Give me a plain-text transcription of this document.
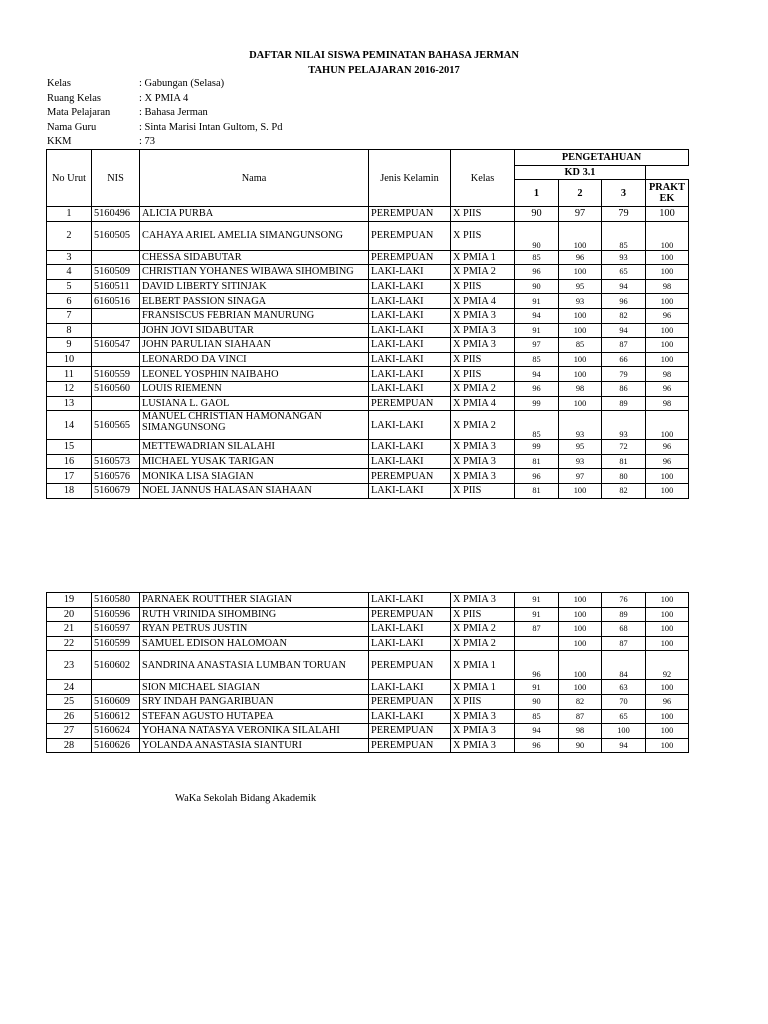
DAFTAR NILAI SISWA PEMINATAN BAHASA JERMAN
TAHUN PELAJARAN 2016-2017
Kelas	: Gabungan (Selasa)
Ruang Kelas	: X PMIA 4
Mata Pelajaran	: Bahasa Jerman
Nama Guru	: Sinta Marisi Intan Gultom, S. Pd
KKM	: 73
No Urut	NIS	Nama	Jenis Kelamin	Kelas	PENGETAHUAN			
					KD 3.1			
					1	2	3	PRAKT EK
1	5160496	ALICIA PURBA	PEREMPUAN	X PIIS	90	97	79	100
2	5160505	CAHAYA ARIEL AMELIA SIMANGUNSONG	PEREMPUAN	X PIIS	90	100	85	100
3		CHESSA SIDABUTAR	PEREMPUAN	X PMIA 1	85	96	93	100
4	5160509	CHRISTIAN YOHANES WIBAWA SIHOMBING	LAKI-LAKI	X PMIA 2	96	100	65	100
5	5160511	DAVID LIBERTY SITINJAK	LAKI-LAKI	X PIIS	90	95	94	98
6	6160516	ELBERT PASSION SINAGA	LAKI-LAKI	X PMIA 4	91	93	96	100
7		FRANSISCUS FEBRIAN MANURUNG	LAKI-LAKI	X PMIA 3	94	100	82	96
8		JOHN JOVI SIDABUTAR	LAKI-LAKI	X PMIA 3	91	100	94	100
9	5160547	JOHN PARULIAN SIAHAAN	LAKI-LAKI	X PMIA 3	97	85	87	100
10		LEONARDO DA VINCI	LAKI-LAKI	X PIIS	85	100	66	100
11	5160559	LEONEL YOSPHIN NAIBAHO	LAKI-LAKI	X PIIS	94	100	79	98
12	5160560	LOUIS RIEMENN	LAKI-LAKI	X PMIA 2	96	98	86	96
13		LUSIANA L. GAOL	PEREMPUAN	X PMIA 4	99	100	89	98
14	5160565	MANUEL CHRISTIAN HAMONANGAN SIMANGUNSONG	LAKI-LAKI	X PMIA 2	85	93	93	100
15		METTEWADRIAN SILALAHI	LAKI-LAKI	X PMIA 3	99	95	72	96
16	5160573	MICHAEL YUSAK TARIGAN	LAKI-LAKI	X PMIA 3	81	93	81	96
17	5160576	MONIKA LISA SIAGIAN	PEREMPUAN	X PMIA 3	96	97	80	100
18	5160679	NOEL JANNUS HALASAN SIAHAAN	LAKI-LAKI	X PIIS	81	100	82	100
19	5160580	PARNAEK ROUTTHER SIAGIAN	LAKI-LAKI	X PMIA 3	91	100	76	100
20	5160596	RUTH VRINIDA SIHOMBING	PEREMPUAN	X PIIS	91	100	89	100
21	5160597	RYAN PETRUS JUSTIN	LAKI-LAKI	X PMIA 2	87	100	68	100
22	5160599	SAMUEL EDISON HALOMOAN	LAKI-LAKI	X PMIA 2		100	87	100
23	5160602	SANDRINA ANASTASIA LUMBAN TORUAN	PEREMPUAN	X PMIA 1	96	100	84	92
24		SION MICHAEL SIAGIAN	LAKI-LAKI	X PMIA 1	91	100	63	100
25	5160609	SRY INDAH PANGARIBUAN	PEREMPUAN	X PIIS	90	82	70	96
26	5160612	STEFAN AGUSTO HUTAPEA	LAKI-LAKI	X PMIA 3	85	87	65	100
27	5160624	YOHANA NATASYA VERONIKA SILALAHI	PEREMPUAN	X PMIA 3	94	98	100	100
28	5160626	YOLANDA ANASTASIA SIANTURI	PEREMPUAN	X PMIA 3	96	90	94	100
WaKa Sekolah Bidang Akademik
